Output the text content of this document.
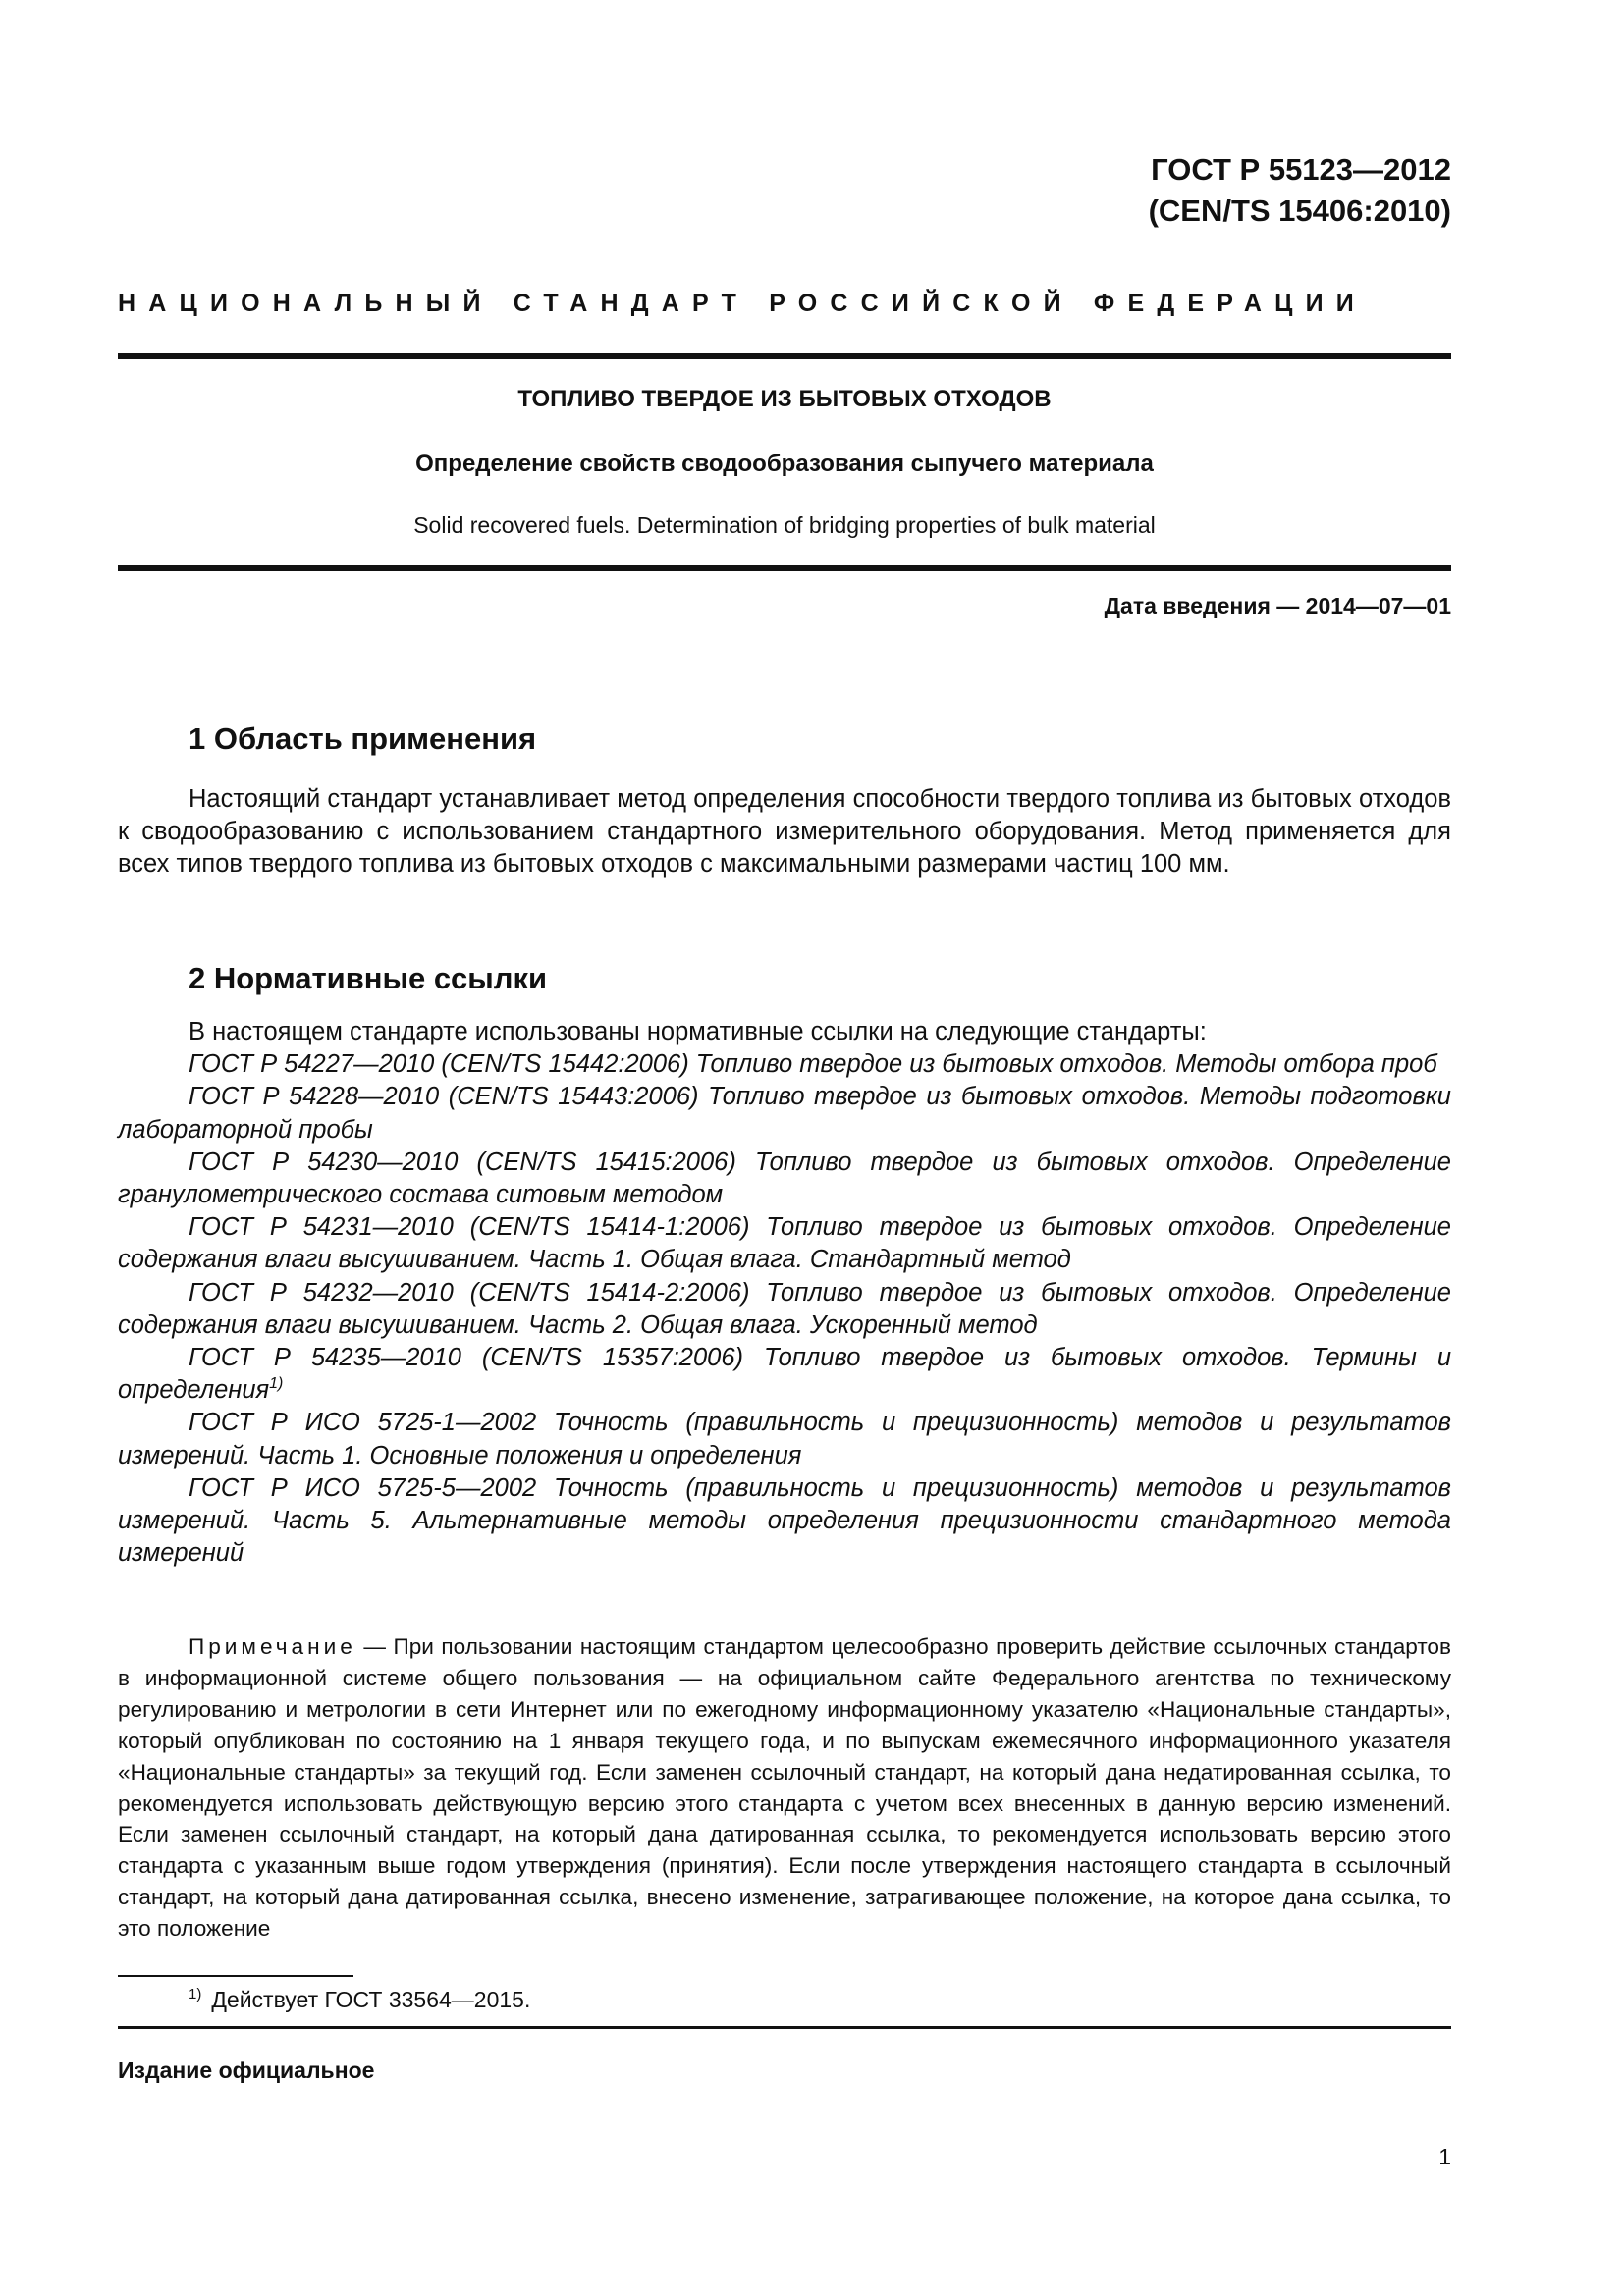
ГОСТ Р 55123—2012
(CEN/TS 15406:2010)
НАЦИОНАЛЬНЫЙ СТАНДАРТ РОССИЙСКОЙ ФЕДЕРАЦИИ
ТОПЛИВО ТВЕРДОЕ ИЗ БЫТОВЫХ ОТХОДОВ
Определение свойств сводообразования сыпучего материала
Solid recovered fuels. Determination of bridging properties of bulk material
Дата введения — 2014—07—01
1 Область применения

Настоящий стандарт устанавливает метод определения способности твердого топлива из бытовых отходов к сводообразованию с использованием стандартного измерительного оборудования. Метод применяется для всех типов твердого топлива из бытовых отходов с максимальными размерами частиц 100 мм.

2 Нормативные ссылки

В настоящем стандарте использованы нормативные ссылки на следующие стандарты:

ГОСТ Р 54227—2010 (CEN/TS 15442:2006) Топливо твердое из бытовых отходов. Методы отбора проб

ГОСТ Р 54228—2010 (CEN/TS 15443:2006) Топливо твердое из бытовых отходов. Методы подготовки лабораторной пробы

ГОСТ Р 54230—2010 (CEN/TS 15415:2006) Топливо твердое из бытовых отходов. Определение гранулометрического состава ситовым методом

ГОСТ Р 54231—2010 (CEN/TS 15414-1:2006) Топливо твердое из бытовых отходов. Определение содержания влаги высушиванием. Часть 1. Общая влага. Стандартный метод

ГОСТ Р 54232—2010 (CEN/TS 15414-2:2006) Топливо твердое из бытовых отходов. Определение содержания влаги высушиванием. Часть 2. Общая влага. Ускоренный метод

ГОСТ Р 54235—2010 (CEN/TS 15357:2006) Топливо твердое из бытовых отходов. Термины и определения$^{1)}$

ГОСТ Р ИСО 5725-1—2002 Точность (правильность и прецизионность) методов и результатов измерений. Часть 1. Основные положения и определения

ГОСТ Р ИСО 5725-5—2002 Точность (правильность и прецизионность) методов и результатов измерений. Часть 5. Альтернативные методы определения прецизионности стандартного метода измерений

Примечание — При пользовании настоящим стандартом целесообразно проверить действие ссылочных стандартов в информационной системе общего пользования — на официальном сайте Федерального агентства по техническому регулированию и метрологии в сети Интернет или по ежегодному информационному указателю «Национальные стандарты», который опубликован по состоянию на 1 января текущего года, и по выпускам ежемесячного информационного указателя «Национальные стандарты» за текущий год. Если заменен ссылочный стандарт, на который дана недатированная ссылка, то рекомендуется использовать действующую версию этого стандарта с учетом всех внесенных в данную версию изменений. Если заменен ссылочный стандарт, на который дана датированная ссылка, то рекомендуется использовать версию этого стандарта с указанным выше годом утверждения (принятия). Если после утверждения настоящего стандарта в ссылочный стандарт, на который дана датированная ссылка, внесено изменение, затрагивающее положение, на которое дана ссылка, то это положение

$^{1)}$ Действует ГОСТ 33564—2015.
Издание официальное
1
